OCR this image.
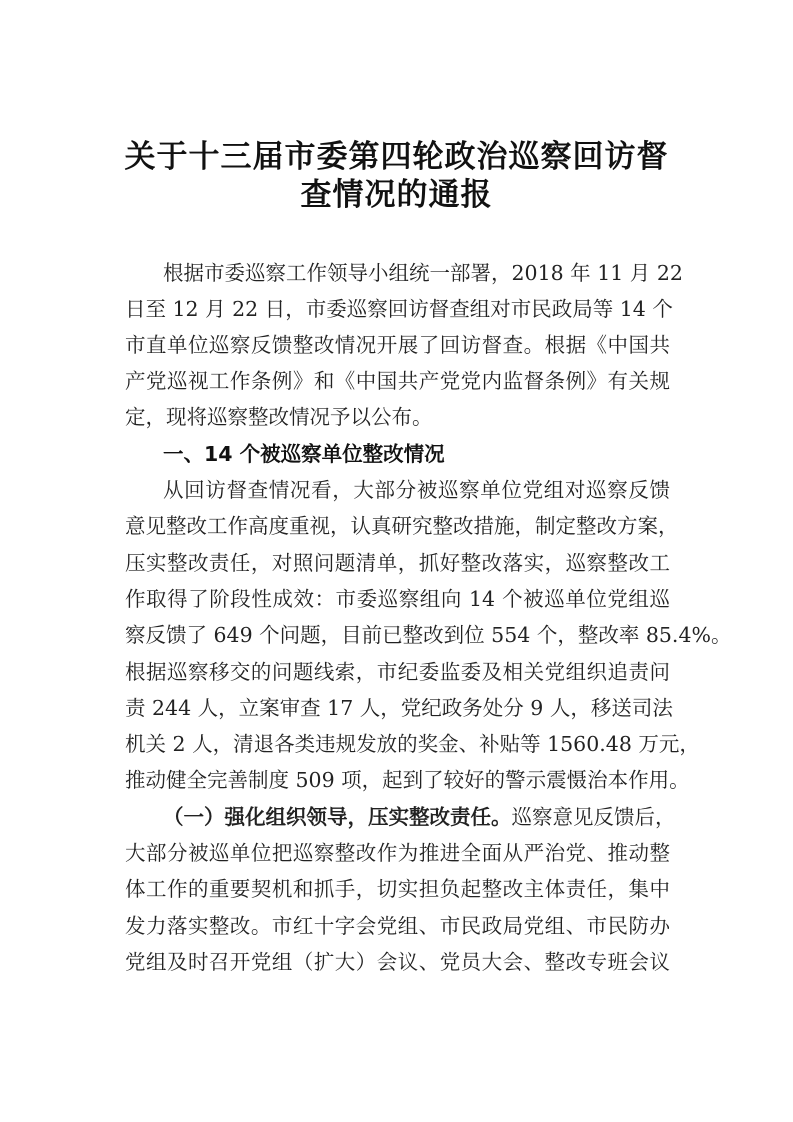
关于十三届市委第四轮政治巡察回访督
查情况的通报
根据市委巡察工作领导小组统一部署，2018 年 11 月 22
日至 12 月 22 日，市委巡察回访督查组对市民政局等 14 个
市直单位巡察反馈整改情况开展了回访督查。根据《中国共
产党巡视工作条例》和《中国共产党党内监督条例》有关规
定，现将巡察整改情况予以公布。
一、14 个被巡察单位整改情况
从回访督查情况看，大部分被巡察单位党组对巡察反馈
意见整改工作高度重视，认真研究整改措施，制定整改方案，
压实整改责任，对照问题清单，抓好整改落实，巡察整改工
作取得了阶段性成效：市委巡察组向 14 个被巡单位党组巡
察反馈了 649 个问题，目前已整改到位 554 个，整改率 85.4%。
根据巡察移交的问题线索，市纪委监委及相关党组织追责问
责 244 人，立案审查 17 人，党纪政务处分 9 人，移送司法
机关 2 人，清退各类违规发放的奖金、补贴等 1560.48 万元，
推动健全完善制度 509 项，起到了较好的警示震慑治本作用。
（一）强化组织领导，压实整改责任。巡察意见反馈后，
大部分被巡单位把巡察整改作为推进全面从严治党、推动整
体工作的重要契机和抓手，切实担负起整改主体责任，集中
发力落实整改。市红十字会党组、市民政局党组、市民防办
党组及时召开党组（扩大）会议、党员大会、整改专班会议
